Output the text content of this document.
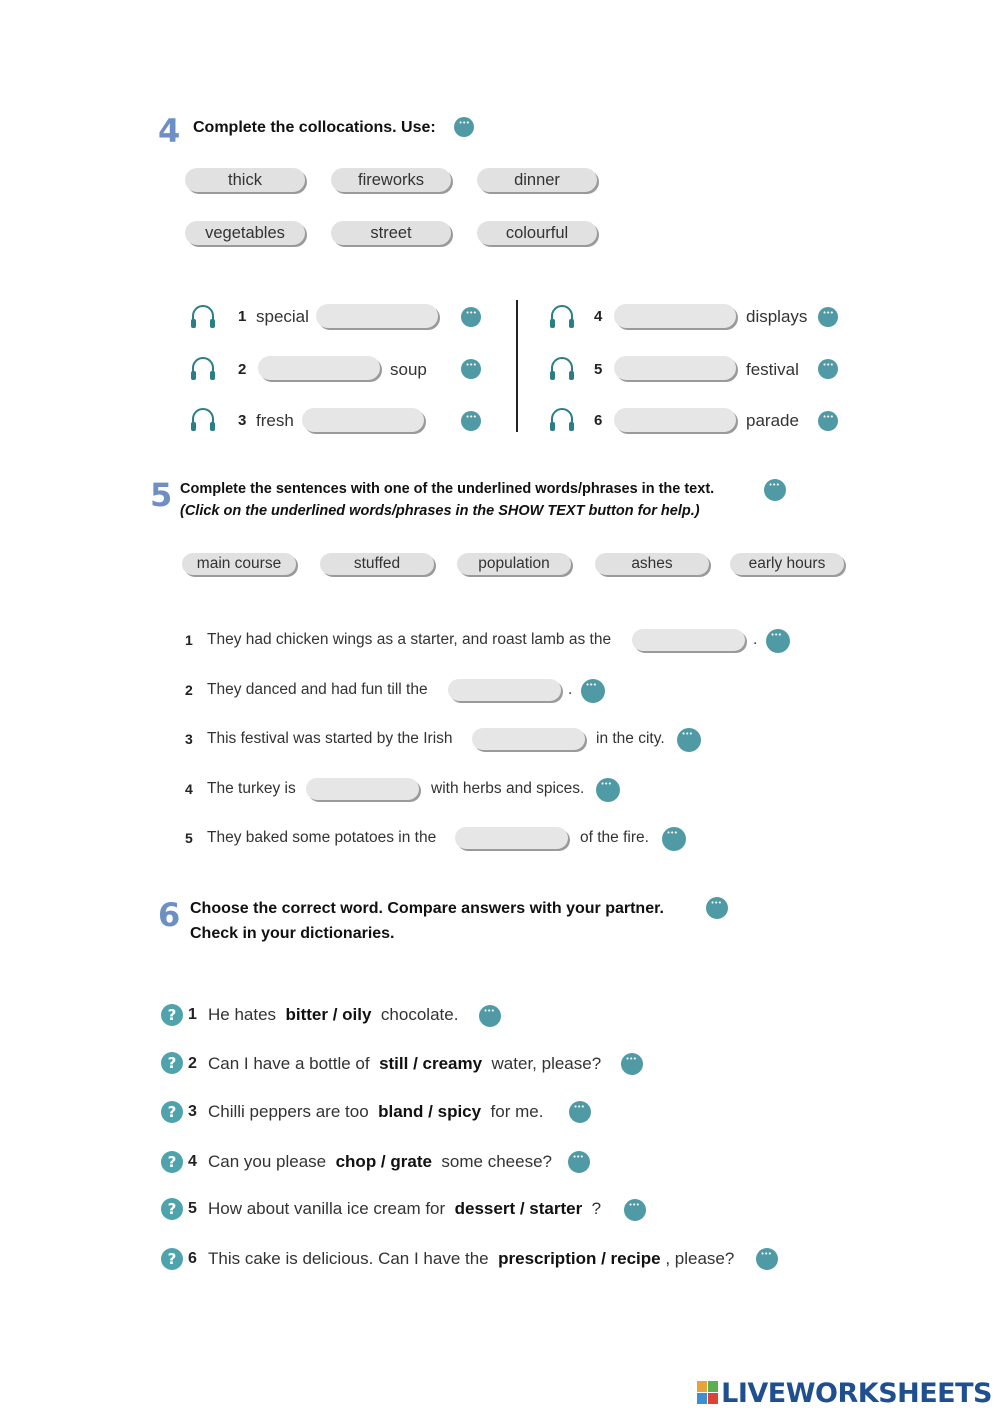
4 Complete the collocations. Use:
•••
thick	fireworks	dinner
vegetables	street	colourful
1 special
•••
2	soup
•••
3 fresh
•••
4	displays
•••
5	festival
•••
6	parade
•••
5 Complete the sentences with one of the underlined words/phrases in the text.
(Click on the underlined words/phrases in the SHOW TEXT button for help.)
•••
main course	stuffed	population	ashes	early hours
1 They had chicken wings as a starter, and roast lamb as the	.
•••
2 They danced and had fun till the	.
•••
3 This festival was started by the Irish	in the city.
•••
4 The turkey is	with herbs and spices.
•••
5 They baked some potatoes in the	of the fire.
•••
6 Choose the correct word. Compare answers with your partner.
Check in your dictionaries.
•••
? 1 He hates bitter / oily chocolate.
•••
? 2 Can I have a bottle of still / creamy water, please?
•••
? 3 Chilli peppers are too bland / spicy for me.
•••
? 4 Can you please chop / grate some cheese?
•••
? 5 How about vanilla ice cream for dessert / starter ?
•••
? 6 This cake is delicious. Can I have the prescription / recipe , please?
•••
LIVEWORKSHEETS
